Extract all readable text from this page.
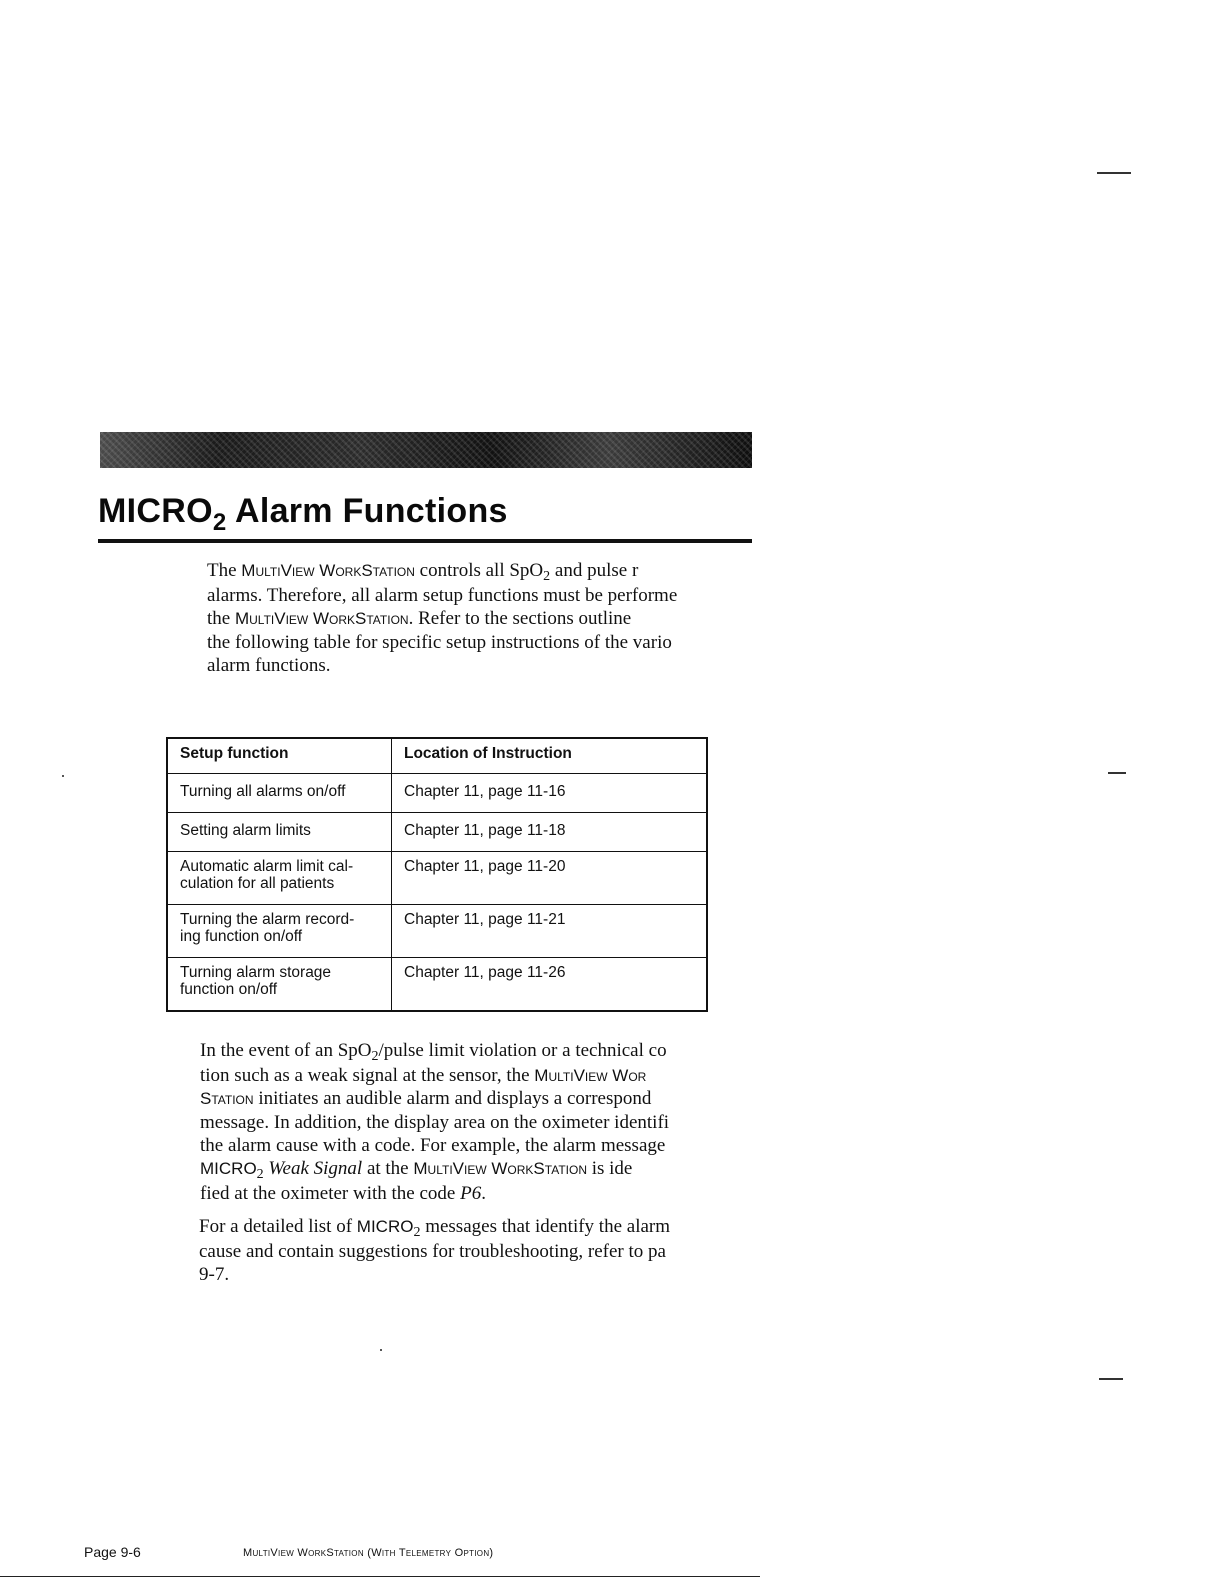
$MICRO_2$ Alarm Functions

The MultiView WorkStation controls all SpO$_2$ and pulse r
alarms. Therefore, all alarm setup functions must be performe
the MultiView WorkStation. Refer to the sections outline
the following table for specific setup instructions of the vario
alarm functions.

Setup function	Location of Instruction
Turning all alarms on/off	Chapter 11, page 11-16
Setting alarm limits	Chapter 11, page 11-18
Automatic alarm limit cal-
culation for all patients	Chapter 11, page 11-20
Turning the alarm record-
ing function on/off	Chapter 11, page 11-21
Turning alarm storage
function on/off	Chapter 11, page 11-26

In the event of an SpO$_2$/pulse limit violation or a technical co
tion such as a weak signal at the sensor, the MultiView Wor
Station initiates an audible alarm and displays a correspond
message. In addition, the display area on the oximeter identifi
the alarm cause with a code. For example, the alarm message
$MICRO_2$ Weak Signal at the MultiView WorkStation is ide
fied at the oximeter with the code P6.

For a detailed list of $MICRO_2$ messages that identify the alarm
cause and contain suggestions for troubleshooting, refer to pa
9-7.

Page 9-6	MultiView WorkStation (With Telemetry Option)
